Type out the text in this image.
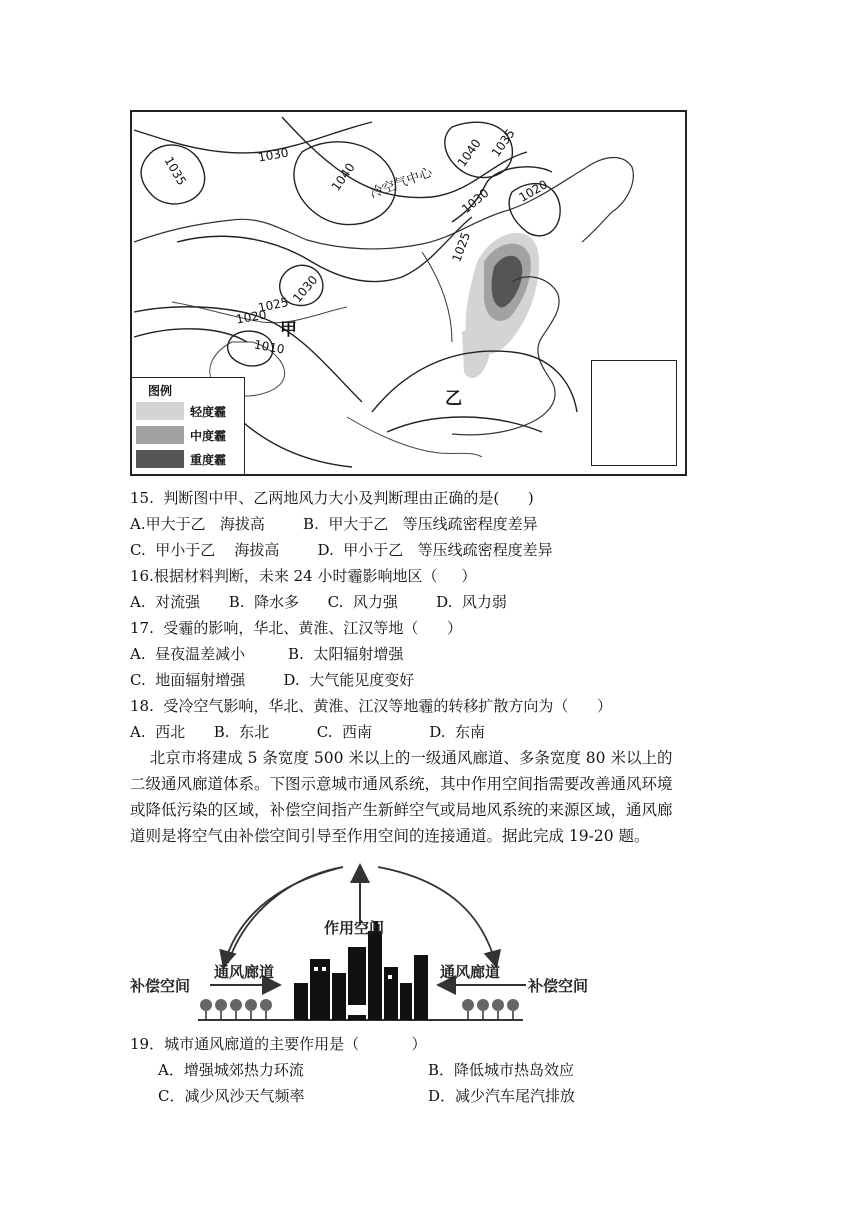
1030
1035	1040
1040 1035
1030 1020
1025
1030
1025
1020
1010
冷空气中心
甲
乙
图例
轻度霾
中度霾
重度霾
15.  判断图中甲、乙两地风力大小及判断理由正确的是(      )
A.甲大于乙   海拔高        B.  甲大于乙   等压线疏密程度差异
C.  甲小于乙    海拔高        D.  甲小于乙   等压线疏密程度差异
16.根据材料判断，未来 24 小时霾影响地区（     ）
A.  对流强      B.  降水多      C.  风力强        D.  风力弱
17.  受霾的影响，华北、黄淮、江汉等地（      ）
A.  昼夜温差减小         B.  太阳辐射增强
C.  地面辐射增强        D.  大气能见度变好
18.  受冷空气影响，华北、黄淮、江汉等地霾的转移扩散方向为（      ）
A.  西北      B.  东北          C.  西南            D.  东南
北京市将建成 5 条宽度 500 米以上的一级通风廊道、多条宽度 80 米以上的
二级通风廊道体系。下图示意城市通风系统，其中作用空间指需要改善通风环境
或降低污染的区域，补偿空间指产生新鲜空气或局地风系统的来源区域，通风廊
道则是将空气由补偿空间引导至作用空间的连接通道。据此完成 19-20 题。
作用空间
通风廊道	通风廊道
补偿空间	补偿空间
19．城市通风廊道的主要作用是（           ）
A．增强城郊热力环流	B．降低城市热岛效应
C．减少风沙天气频率	D．减少汽车尾汽排放
